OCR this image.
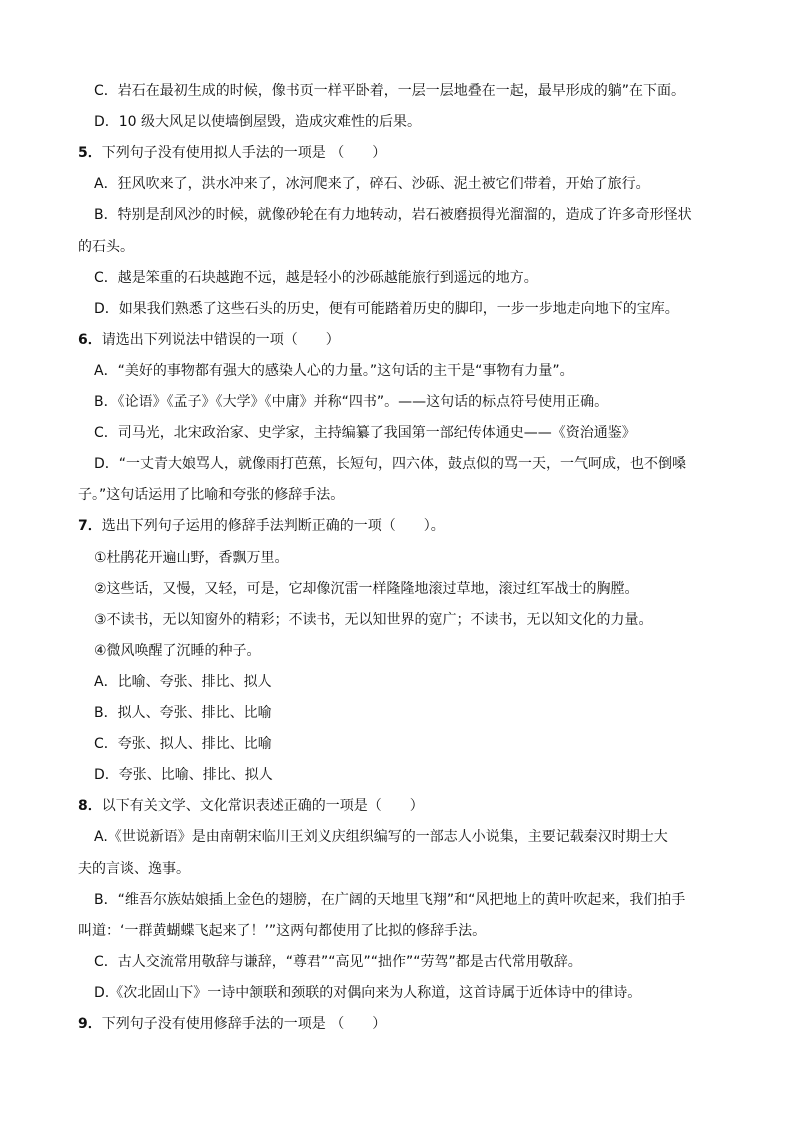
C．岩石在最初生成的时候，像书页一样平卧着，一层一层地叠在一起，最早形成的躺”在下面。
D．10 级大风足以使墙倒屋毁，造成灾难性的后果。
5．下列句子没有使用拟人手法的一项是 （　　）
A．狂风吹来了，洪水冲来了，冰河爬来了，碎石、沙砾、泥土被它们带着，开始了旅行。
B．特别是刮风沙的时候，就像砂轮在有力地转动，岩石被磨损得光溜溜的，造成了许多奇形怪状
的石头。
C．越是笨重的石块越跑不远，越是轻小的沙砾越能旅行到遥远的地方。
D．如果我们熟悉了这些石头的历史，便有可能踏着历史的脚印，一步一步地走向地下的宝库。
6．请选出下列说法中错误的一项（　　）
A．“美好的事物都有强大的感染人心的力量。”这句话的主干是“事物有力量”。
B．《论语》《孟子》《大学》《中庸》并称“四书”。——这句话的标点符号使用正确。
C．司马光，北宋政治家、史学家，主持编纂了我国第一部纪传体通史——《资治通鉴》
D．“一丈青大娘骂人，就像雨打芭蕉，长短句，四六体，鼓点似的骂一天，一气呵成，也不倒嗓
子。”这句话运用了比喻和夸张的修辞手法。
7．选出下列句子运用的修辞手法判断正确的一项（　　）。
①杜鹃花开遍山野，香飘万里。
②这些话，又慢，又轻，可是，它却像沉雷一样隆隆地滚过草地，滚过红军战士的胸膛。
③不读书，无以知窗外的精彩；不读书，无以知世界的宽广；不读书，无以知文化的力量。
④微风唤醒了沉睡的种子。
A．比喻、夸张、排比、拟人
B．拟人、夸张、排比、比喻
C．夸张、拟人、排比、比喻
D．夸张、比喻、排比、拟人
8．以下有关文学、文化常识表述正确的一项是（　　）
A.《世说新语》是由南朝宋临川王刘义庆组织编写的一部志人小说集，主要记载秦汉时期士大
夫的言谈、逸事。
B．“维吾尔族姑娘插上金色的翅膀，在广阔的天地里飞翔”和“风把地上的黄叶吹起来，我们拍手
叫道：‘一群黄蝴蝶飞起来了！’”这两句都使用了比拟的修辞手法。
C．古人交流常用敬辞与谦辞，“尊君”“高见”“拙作”“劳驾”都是古代常用敬辞。
D.《次北固山下》一诗中颔联和颈联的对偶向来为人称道，这首诗属于近体诗中的律诗。
9．下列句子没有使用修辞手法的一项是 （　　）
